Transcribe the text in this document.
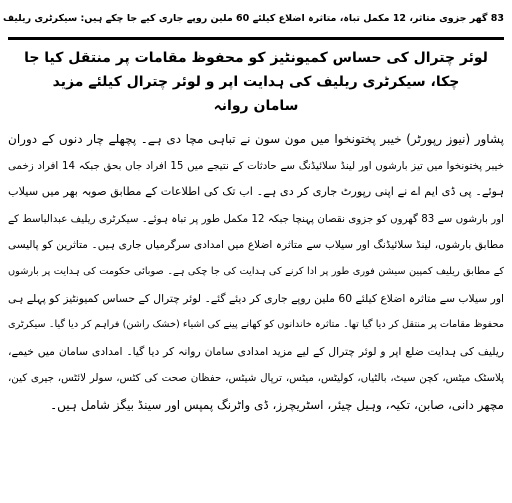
83 گھر جزوی متاثر، 12 مکمل تباہ، متاثرہ اضلاع کیلئے 60 ملین روپے جاری کیے جا چکے ہیں: سیکرٹری ریلیف
لوئر چترال کی حساس کمیونٹیز کو محفوظ مقامات پر منتقل کیا جا چکا، سیکرٹری ریلیف کی ہدایت اپر و لوئر چترال کیلئے مزید
سامان روانہ
پشاور (نیوز رپورٹر) خیبر پختونخوا میں مون سون نے تباہی مچا دی ہے۔ پچھلے چار دنوں کے دوران
خیبر پختونخوا میں تیز بارشوں اور لینڈ سلائیڈنگ سے حادثات کے نتیجے میں 15 افراد جاں بحق جبکہ 14 افراد زخمی
ہوئے۔ پی ڈی ایم اے نے اپنی رپورٹ جاری کر دی ہے۔ اب تک کی اطلاعات کے مطابق صوبہ بھر میں سیلاب
اور بارشوں سے 83 گھروں کو جزوی نقصان پہنچا جبکہ 12 مکمل طور پر تباہ ہوئے۔ سیکرٹری ریلیف عبدالباسط کے
مطابق بارشوں، لینڈ سلائیڈنگ اور سیلاب سے متاثرہ اضلاع میں امدادی سرگرمیاں جاری ہیں۔ متاثرین کو پالیسی
کے مطابق ریلیف کمپین سیشن فوری طور پر ادا کرنے کی ہدایت کی جا چکی ہے۔ صوبائی حکومت کی ہدایت پر بارشوں
اور سیلاب سے متاثرہ اضلاع کیلئے 60 ملین روپے جاری کر دیئے گئے۔ لوئر چترال کے حساس کمیونٹیز کو پہلے ہی
محفوظ مقامات پر منتقل کر دیا گیا تھا۔ متاثرہ خاندانوں کو کھانے پینے کی اشیاء (خشک راشن) فراہم کر دیا گیا۔ سیکرٹری
ریلیف کی ہدایت ضلع اپر و لوئر چترال کے لیے مزید امدادی سامان روانہ کر دیا گیا۔ امدادی سامان میں خیمے،
پلاسٹک میٹس، کچن سیٹ، بالٹیاں، کولیٹس، میٹس، ترپال شیٹس، حفظان صحت کی کٹس، سولر لائٹس، جیری کین،
مچھر دانی، صابن، تکیہ، وہیل چیئر، اسٹریچرز، ڈی واٹرنگ پمپس اور سینڈ بیگز شامل ہیں۔
